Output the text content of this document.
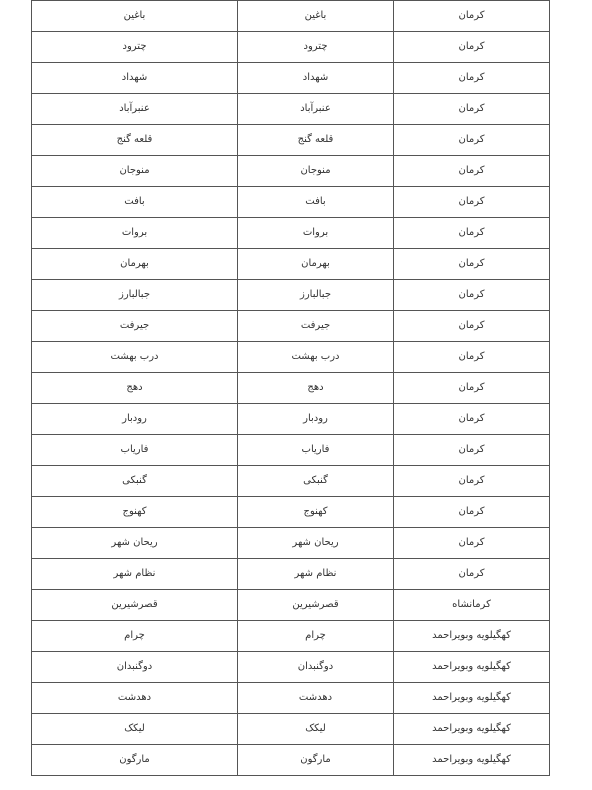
باغین	باغین	کرمان
چترود	چترود	کرمان
شهداد	شهداد	کرمان
عنبرآباد	عنبرآباد	کرمان
قلعه گنج	قلعه گنج	کرمان
منوجان	منوجان	کرمان
بافت	بافت	کرمان
بروات	بروات	کرمان
بهرمان	بهرمان	کرمان
جبالبارز	جبالبارز	کرمان
جیرفت	جیرفت	کرمان
درب بهشت	درب بهشت	کرمان
دهج	دهج	کرمان
رودبار	رودبار	کرمان
فاریاب	فاریاب	کرمان
گنبکی	گنبکی	کرمان
کهنوج	کهنوج	کرمان
ریحان شهر	ریحان شهر	کرمان
نظام شهر	نظام شهر	کرمان
قصرشیرین	قصرشیرین	کرمانشاه
چرام	چرام	کهگیلویه وبویراحمد
دوگنبدان	دوگنبدان	کهگیلویه وبویراحمد
دهدشت	دهدشت	کهگیلویه وبویراحمد
لیکک	لیکک	کهگیلویه وبویراحمد
مارگون	مارگون	کهگیلویه وبویراحمد
